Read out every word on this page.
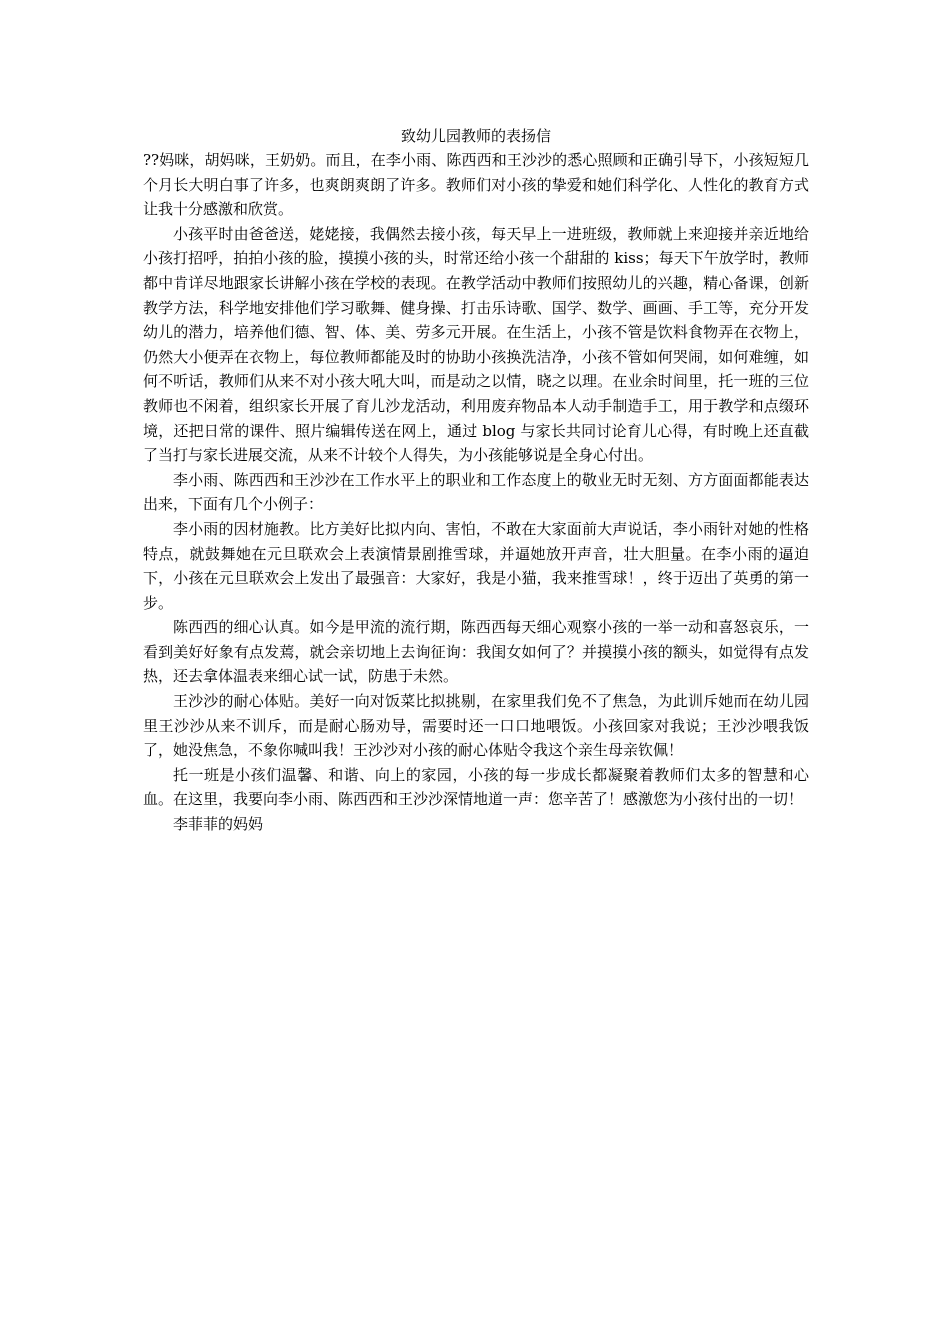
致幼儿园教师的表扬信

??妈咪，胡妈咪，王奶奶。而且，在李小雨、陈西西和王沙沙的悉心照顾和正确引导下，小孩短短几个月长大明白事了许多，也爽朗爽朗了许多。教师们对小孩的挚爱和她们科学化、人性化的教育方式让我十分感激和欣赏。

小孩平时由爸爸送，姥姥接，我偶然去接小孩，每天早上一进班级，教师就上来迎接并亲近地给小孩打招呼，拍拍小孩的脸，摸摸小孩的头，时常还给小孩一个甜甜的 kiss；每天下午放学时，教师都中肯详尽地跟家长讲解小孩在学校的表现。在教学活动中教师们按照幼儿的兴趣，精心备课，创新教学方法，科学地安排他们学习歌舞、健身操、打击乐诗歌、国学、数学、画画、手工等，充分开发幼儿的潜力，培养他们德、智、体、美、劳多元开展。在生活上，小孩不管是饮料食物弄在衣物上，仍然大小便弄在衣物上，每位教师都能及时的协助小孩换洗洁净，小孩不管如何哭闹，如何难缠，如何不听话，教师们从来不对小孩大吼大叫，而是动之以情，晓之以理。在业余时间里，托一班的三位教师也不闲着，组织家长开展了育儿沙龙活动，利用废弃物品本人动手制造手工，用于教学和点缀环境，还把日常的课件、照片编辑传送在网上，通过 blog 与家长共同讨论育儿心得，有时晚上还直截了当打与家长进展交流，从来不计较个人得失，为小孩能够说是全身心付出。

李小雨、陈西西和王沙沙在工作水平上的职业和工作态度上的敬业无时无刻、方方面面都能表达出来，下面有几个小例子：

李小雨的因材施教。比方美好比拟内向、害怕，不敢在大家面前大声说话，李小雨针对她的性格特点，就鼓舞她在元旦联欢会上表演情景剧推雪球，并逼她放开声音，壮大胆量。在李小雨的逼迫下，小孩在元旦联欢会上发出了最强音：大家好，我是小猫，我来推雪球！，终于迈出了英勇的第一步。

陈西西的细心认真。如今是甲流的流行期，陈西西每天细心观察小孩的一举一动和喜怒哀乐，一看到美好好象有点发蔫，就会亲切地上去询征询：我闺女如何了？并摸摸小孩的额头，如觉得有点发热，还去拿体温表来细心试一试，防患于未然。

王沙沙的耐心体贴。美好一向对饭菜比拟挑剔，在家里我们免不了焦急，为此训斥她而在幼儿园里王沙沙从来不训斥，而是耐心肠劝导，需要时还一口口地喂饭。小孩回家对我说；王沙沙喂我饭了，她没焦急，不象你喊叫我！王沙沙对小孩的耐心体贴令我这个亲生母亲钦佩！

托一班是小孩们温馨、和谐、向上的家园，小孩的每一步成长都凝聚着教师们太多的智慧和心血。在这里，我要向李小雨、陈西西和王沙沙深情地道一声：您辛苦了！感激您为小孩付出的一切！

李菲菲的妈妈
